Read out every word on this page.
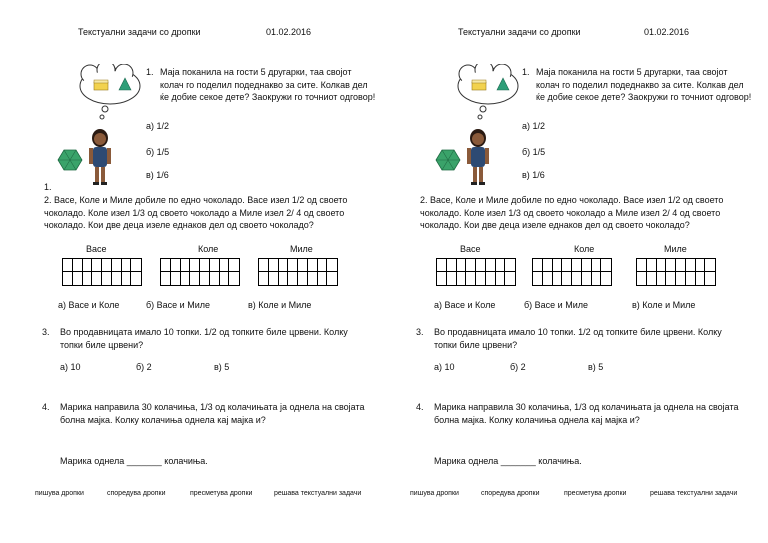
Текстуални задачи со дропки	01.02.2016
1. Маја поканила на гости 5 другарки, таа својот колач го поделил подеднакво за сите. Колкав дел ќе добие секое дете? Заокружи го точниот одговор!
а) 1/2
б) 1/5
в) 1/6
1.
2. Васе, Коле и Миле добиле по едно чоколадо. Васе изел 1/2 од своето чоколадо. Коле изел 1/3 од своето чоколадо а Миле изел 2/ 4 од своето чоколадо. Кои две деца изеле еднаков дел од своето чоколадо?
Васе	Коле	Миле
а) Васе и Коле	б) Васе и Миле	в) Коле и Миле
3. Во продавницата имало 10 топки. 1/2 од топките биле црвени. Колку топки биле црвени?
а) 10	б) 2	в) 5
4. Марика направила 30 колачиња, 1/3 од колачињата ја однела на својата болна мајка. Колку колачиња однела кај мајка и?
Марика однела _______ колачиња.
пишува дропки	споредува дропки	пресметува дропки	решава текстуални задачи
Текстуални задачи со дропки	01.02.2016
1. Маја поканила на гости 5 другарки, таа својот колач го поделил подеднакво за сите. Колкав дел ќе добие секое дете? Заокружи го точниот одговор!
а) 1/2
б) 1/5
в) 1/6
2. Васе, Коле и Миле добиле по едно чоколадо. Васе изел 1/2 од своето чоколадо. Коле изел 1/3 од своето чоколадо а Миле изел 2/ 4 од своето чоколадо. Кои две деца изеле еднаков дел од своето чоколадо?
Васе	Коле	Миле
а) Васе и Коле	б) Васе и Миле	в) Коле и Миле
3. Во продавницата имало 10 топки. 1/2 од топките биле црвени. Колку топки биле црвени?
а) 10	б) 2	в) 5
4. Марика направила 30 колачиња, 1/3 од колачињата ја однела на својата болна мајка. Колку колачиња однела кај мајка и?
Марика однела _______ колачиња.
пишува дропки	споредува дропки	пресметува дропки	решава текстуални задачи
